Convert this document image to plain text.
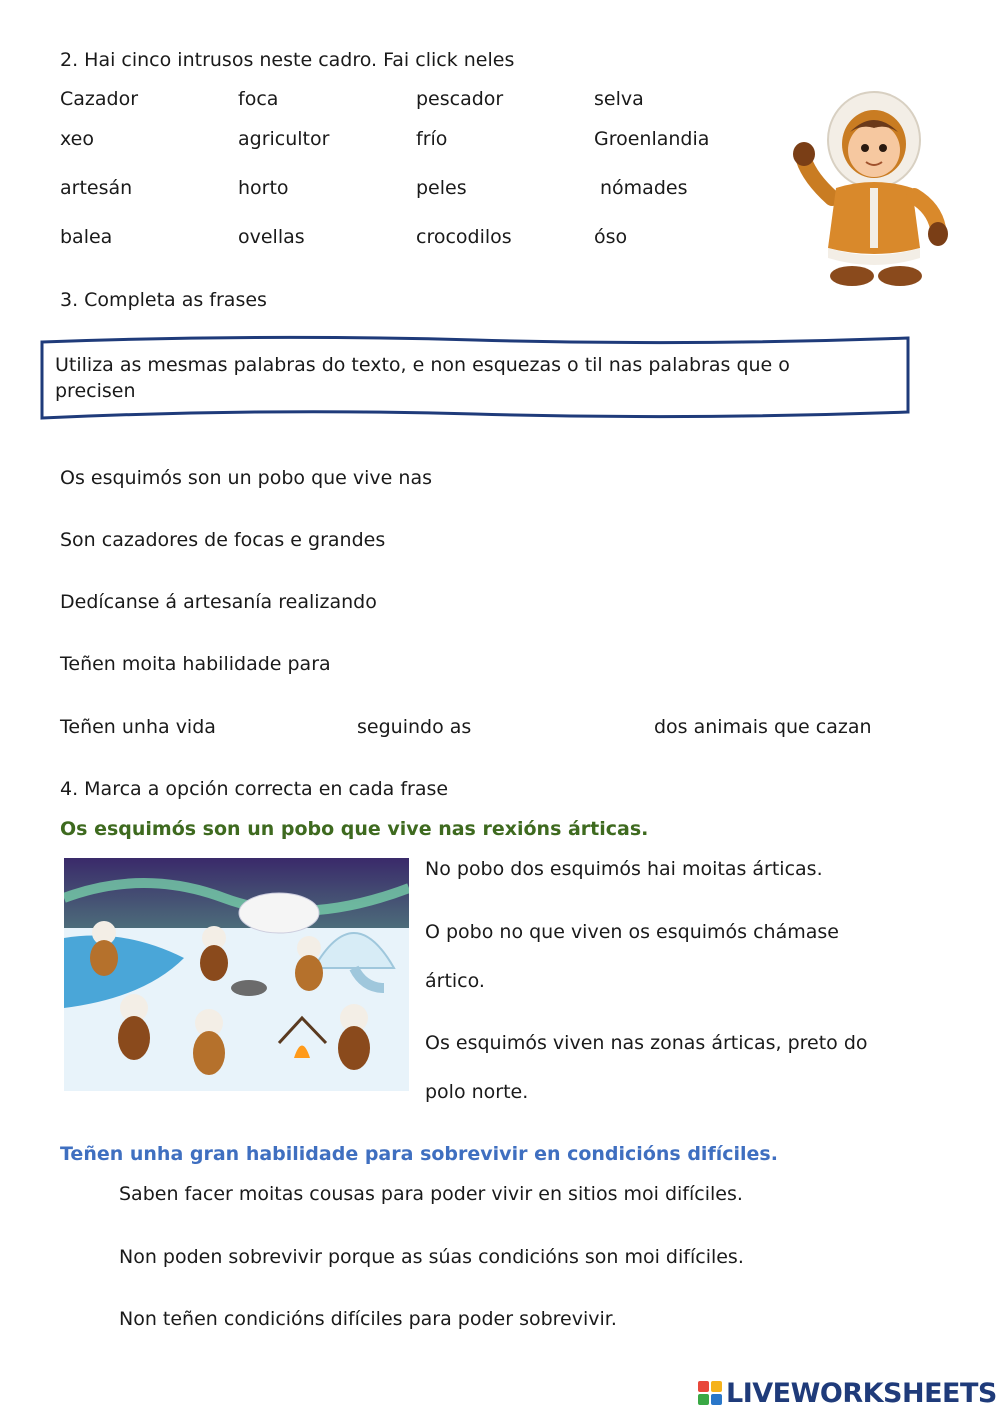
2. Hai cinco intrusos neste cadro. Fai click neles
Cazador	foca	pescador	selva
xeo	agricultor	frío	Groenlandia
artesán	horto	peles	nómades
balea	ovellas	crocodilos	óso
3. Completa as frases
Utiliza as mesmas palabras do texto, e non esquezas o til nas palabras que o precisen
Os esquimós son un pobo que vive nas
Son cazadores de focas e grandes
Dedícanse á artesanía realizando
Teñen moita habilidade para
Teñen unha vida	seguindo as	dos animais que cazan
4. Marca a opción correcta en cada frase
Os esquimós son un pobo que vive nas rexións árticas.
No pobo dos esquimós hai moitas árticas.
O pobo no que viven os esquimós chámase
ártico.
Os esquimós viven nas zonas árticas, preto do
polo norte.
Teñen unha gran habilidade para sobrevivir en condicións difíciles.
Saben facer moitas cousas para poder vivir en sitios moi difíciles.
Non poden sobrevivir porque as súas condicións son moi difíciles.
Non teñen condicións difíciles para poder sobrevivir.
LIVEWORKSHEETS
